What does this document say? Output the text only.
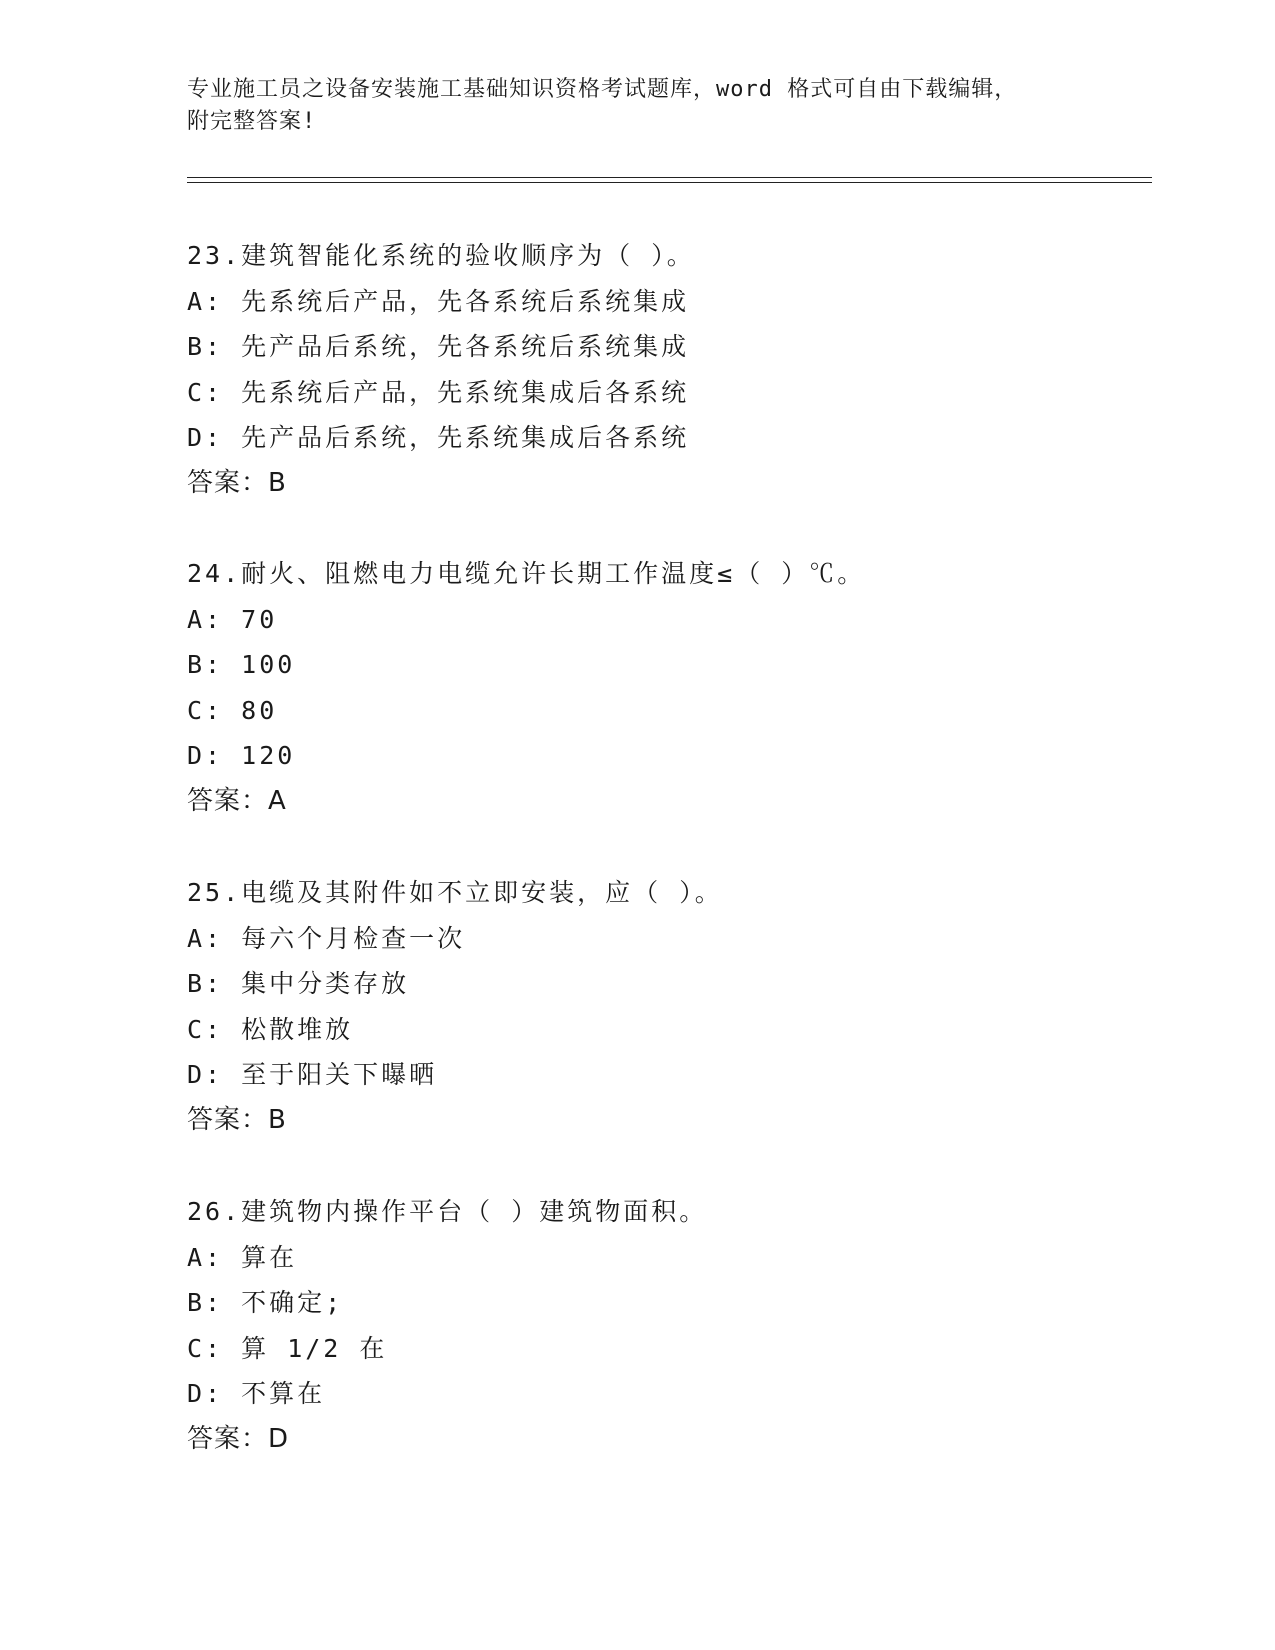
专业施工员之设备安装施工基础知识资格考试题库，word 格式可自由下载编辑，
附完整答案!
23.建筑智能化系统的验收顺序为（ ）。
A: 先系统后产品，先各系统后系统集成
B: 先产品后系统，先各系统后系统集成
C: 先系统后产品，先系统集成后各系统
D: 先产品后系统，先系统集成后各系统
答案：B
24.耐火、阻燃电力电缆允许长期工作温度≤（ ）℃。
A: 70
B: 100
C: 80
D: 120
答案：A
25.电缆及其附件如不立即安装，应（ ）。
A: 每六个月检查一次
B: 集中分类存放
C: 松散堆放
D: 至于阳关下曝晒
答案：B
26.建筑物内操作平台（ ）建筑物面积。
A: 算在
B: 不确定;
C: 算 1/2 在
D: 不算在
答案：D
